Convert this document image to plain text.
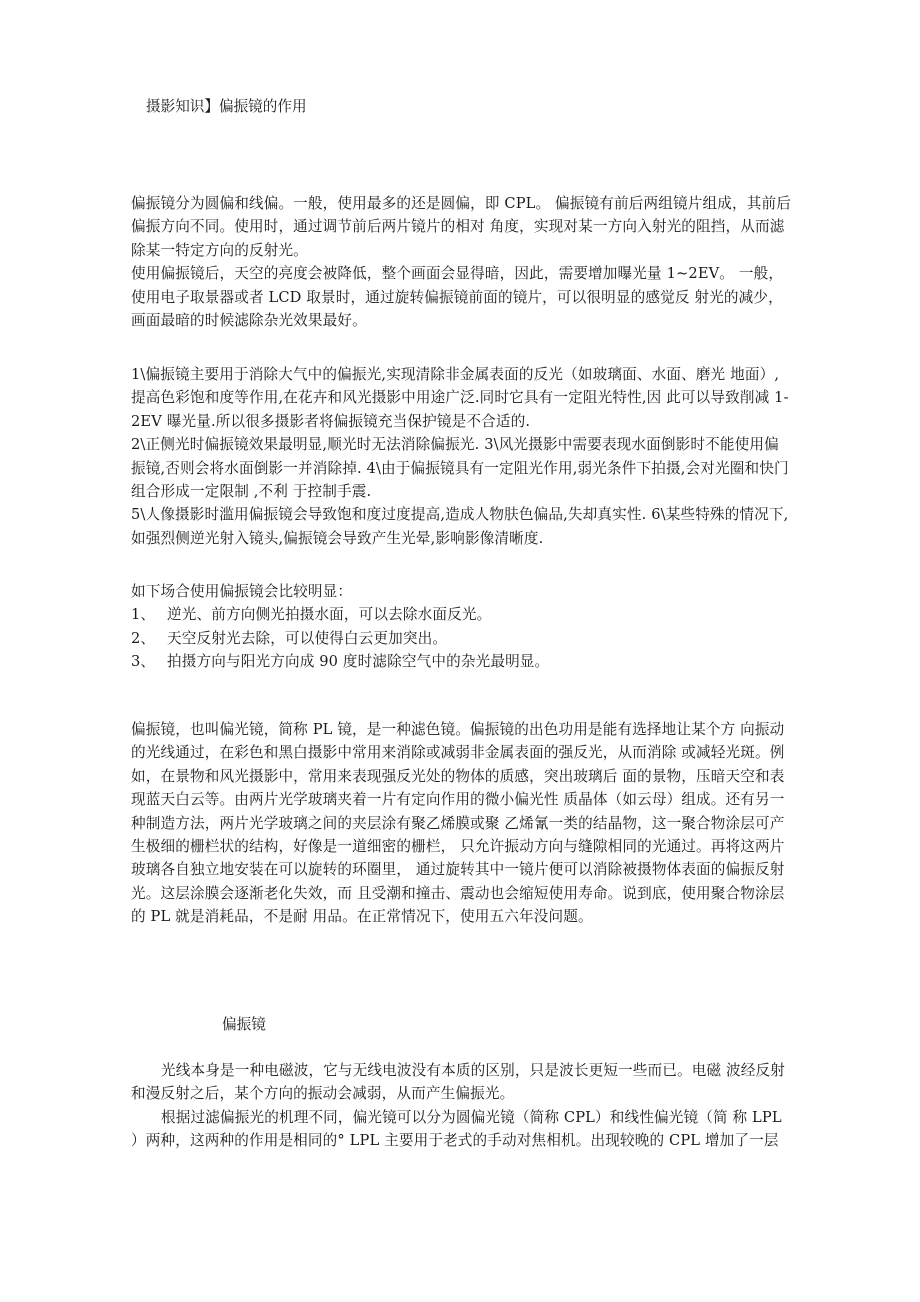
摄影知识】偏振镜的作用

偏振镜分为圆偏和线偏。一般，使用最多的还是圆偏，即 CPL。 偏振镜有前后两组镜片组成，其前后偏振方向不同。使用时，通过调节前后两片镜片的相对 角度，实现对某一方向入射光的阻挡，从而滤除某一特定方向的反射光。

使用偏振镜后，天空的亮度会被降低，整个画面会显得暗，因此，需要增加曝光量 1~2EV。 一般， 使用电子取景器或者 LCD 取景时，通过旋转偏振镜前面的镜片，可以很明显的感觉反 射光的减少，画面最暗的时候滤除杂光效果最好。

1\偏振镜主要用于消除大气中的偏振光,实现清除非金属表面的反光（如玻璃面、水面、磨光 地面）,提高色彩饱和度等作用,在花卉和风光摄影中用途广泛.同时它具有一定阻光特性,因 此可以导致削减 1-2EV 曝光量.所以很多摄影者将偏振镜充当保护镜是不合适的.

2\正侧光时偏振镜效果最明显,顺光时无法消除偏振光. 3\风光摄影中需要表现水面倒影时不能使用偏振镜,否则会将水面倒影一并消除掉. 4\由于偏振镜具有一定阻光作用,弱光条件下拍摄,会对光圈和快门组合形成一定限制 ,不利 于控制手震.

5\人像摄影时滥用偏振镜会导致饱和度过度提高,造成人物肤色偏品,失却真实性. 6\某些特殊的情况下,如强烈侧逆光射入镜头,偏振镜会导致产生光晕,影响影像清晰度.

如下场合使用偏振镜会比较明显：

1、 逆光、前方向侧光拍摄水面，可以去除水面反光。
2、 天空反射光去除，可以使得白云更加突出。
3、 拍摄方向与阳光方向成 90 度时滤除空气中的杂光最明显。

偏振镜，也叫偏光镜，简称 PL 镜，是一种滤色镜。偏振镜的出色功用是能有选择地让某个方 向振动的光线通过，在彩色和黑白摄影中常用来消除或减弱非金属表面的强反光，从而消除 或减轻光斑。例如，在景物和风光摄影中，常用来表现强反光处的物体的质感，突出玻璃后 面的景物，压暗天空和表现蓝天白云等。由两片光学玻璃夹着一片有定向作用的微小偏光性 质晶体（如云母）组成。还有另一种制造方法，两片光学玻璃之间的夹层涂有聚乙烯膜或聚 乙烯氰一类的结晶物，这一聚合物涂层可产生极细的栅栏状的结构，好像是一道细密的栅栏， 只允许振动方向与缝隙相同的光通过。再将这两片玻璃各自独立地安装在可以旋转的环圈里， 通过旋转其中一镜片便可以消除被摄物体表面的偏振反射光。这层涂膜会逐渐老化失效，而 且受潮和撞击、震动也会缩短使用寿命。说到底，使用聚合物涂层的 PL 就是消耗品，不是耐 用品。在正常情况下，使用五六年没问题。

偏振镜

光线本身是一种电磁波，它与无线电波没有本质的区别，只是波长更短一些而已。电磁 波经反射和漫反射之后，某个方向的振动会减弱，从而产生偏振光。

根据过滤偏振光的机理不同，偏光镜可以分为圆偏光镜（简称 CPL）和线性偏光镜（简 称 LPL ）两种，这两种的作用是相同的° LPL 主要用于老式的手动对焦相机。出现较晚的 CPL 增加了一层
